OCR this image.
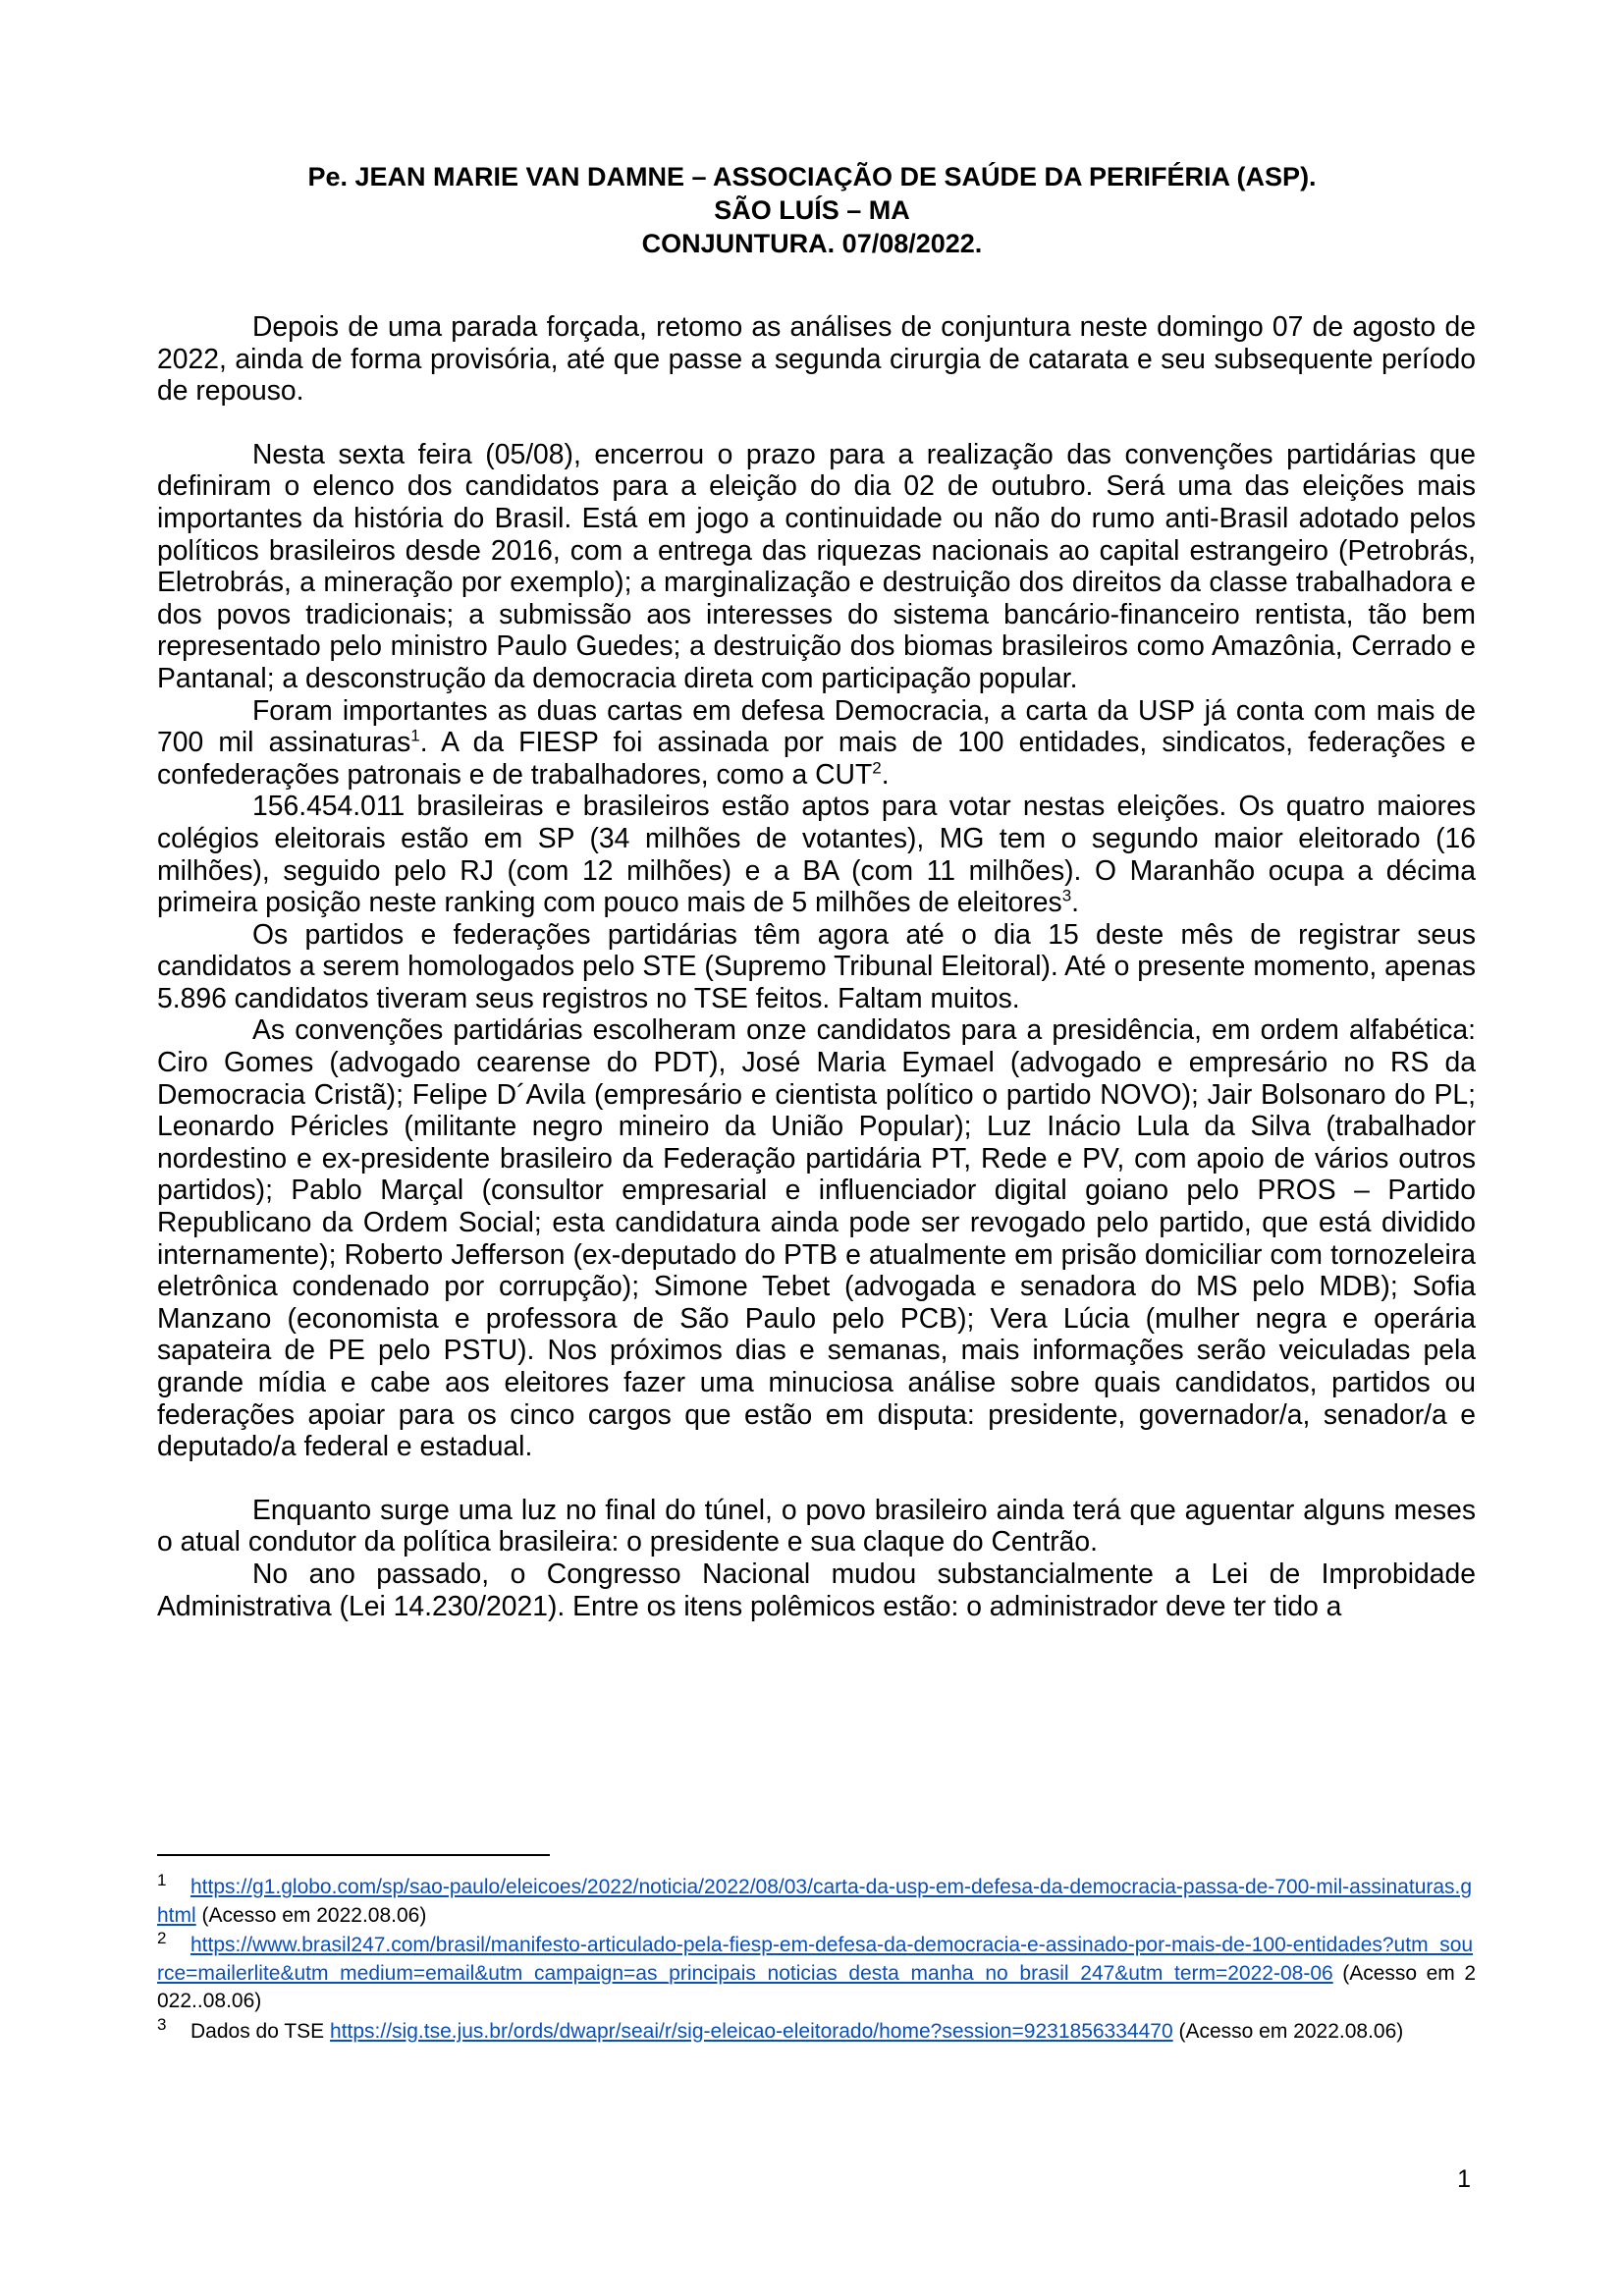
Pe. JEAN MARIE VAN DAMNE – ASSOCIAÇÃO DE SAÚDE DA PERIFÉRIA (ASP).
SÃO LUÍS – MA
CONJUNTURA. 07/08/2022.

Depois de uma parada forçada, retomo as análises de conjuntura neste domingo 07 de agosto de 2022, ainda de forma provisória, até que passe a segunda cirurgia de catarata e seu subsequente período de repouso.

Nesta sexta feira (05/08), encerrou o prazo para a realização das convenções partidárias que definiram o elenco dos candidatos para a eleição do dia 02 de outubro. Será uma das eleições mais importantes da história do Brasil. Está em jogo a continuidade ou não do rumo anti-Brasil adotado pelos políticos brasileiros desde 2016, com a entrega das riquezas nacionais ao capital estrangeiro (Petrobrás, Eletrobrás, a mineração por exemplo); a marginalização e destruição dos direitos da classe trabalhadora e dos povos tradicionais; a submissão aos interesses do sistema bancário-financeiro rentista, tão bem representado pelo ministro Paulo Guedes; a destruição dos biomas brasileiros como Amazônia, Cerrado e Pantanal; a desconstrução da democracia direta com participação popular.

Foram importantes as duas cartas em defesa Democracia, a carta da USP já conta com mais de 700 mil assinaturas$^1$. A da FIESP foi assinada por mais de 100 entidades, sindicatos, federações e confederações patronais e de trabalhadores, como a CUT$^2$.

156.454.011 brasileiras e brasileiros estão aptos para votar nestas eleições. Os quatro maiores colégios eleitorais estão em SP (34 milhões de votantes), MG tem o segundo maior eleitorado (16 milhões), seguido pelo RJ (com 12 milhões) e a BA (com 11 milhões). O Maranhão ocupa a décima primeira posição neste ranking com pouco mais de 5 milhões de eleitores$^3$.

Os partidos e federações partidárias têm agora até o dia 15 deste mês de registrar seus candidatos a serem homologados pelo STE (Supremo Tribunal Eleitoral). Até o presente momento, apenas 5.896 candidatos tiveram seus registros no TSE feitos. Faltam muitos.

As convenções partidárias escolheram onze candidatos para a presidência, em ordem alfabética: Ciro Gomes (advogado cearense do PDT), José Maria Eymael (advogado e empresário no RS da Democracia Cristã); Felipe D´Avila (empresário e cientista político o partido NOVO); Jair Bolsonaro do PL; Leonardo Péricles (militante negro mineiro da União Popular); Luz Inácio Lula da Silva (trabalhador nordestino e ex-presidente brasileiro da Federação partidária PT, Rede e PV, com apoio de vários outros partidos); Pablo Marçal (consultor empresarial e influenciador digital goiano pelo PROS – Partido Republicano da Ordem Social; esta candidatura ainda pode ser revogado pelo partido, que está dividido internamente); Roberto Jefferson (ex-deputado do PTB e atualmente em prisão domiciliar com tornozeleira eletrônica condenado por corrupção); Simone Tebet (advogada e senadora do MS pelo MDB); Sofia Manzano (economista e professora de São Paulo pelo PCB); Vera Lúcia (mulher negra e operária sapateira de PE pelo PSTU). Nos próximos dias e semanas, mais informações serão veiculadas pela grande mídia e cabe aos eleitores fazer uma minuciosa análise sobre quais candidatos, partidos ou federações apoiar para os cinco cargos que estão em disputa: presidente, governador/a, senador/a e deputado/a federal e estadual.

Enquanto surge uma luz no final do túnel, o povo brasileiro ainda terá que aguentar alguns meses o atual condutor da política brasileira: o presidente e sua claque do Centrão.

No ano passado, o Congresso Nacional mudou substancialmente a Lei de Improbidade Administrativa (Lei 14.230/2021). Entre os itens polêmicos estão: o administrador deve ter tido a

1 https://g1.globo.com/sp/sao-paulo/eleicoes/2022/noticia/2022/08/03/carta-da-usp-em-defesa-da-democracia-passa-de-700-mil-assinaturas.ghtml (Acesso em 2022.08.06)
2 https://www.brasil247.com/brasil/manifesto-articulado-pela-fiesp-em-defesa-da-democracia-e-assinado-por-mais-de-100-entidades?utm_source=mailerlite&utm_medium=email&utm_campaign=as_principais_noticias_desta_manha_no_brasil_247&utm_term=2022-08-06 (Acesso em 2022..08.06)
3 Dados do TSE https://sig.tse.jus.br/ords/dwapr/seai/r/sig-eleicao-eleitorado/home?session=9231856334470 (Acesso em 2022.08.06)
1
